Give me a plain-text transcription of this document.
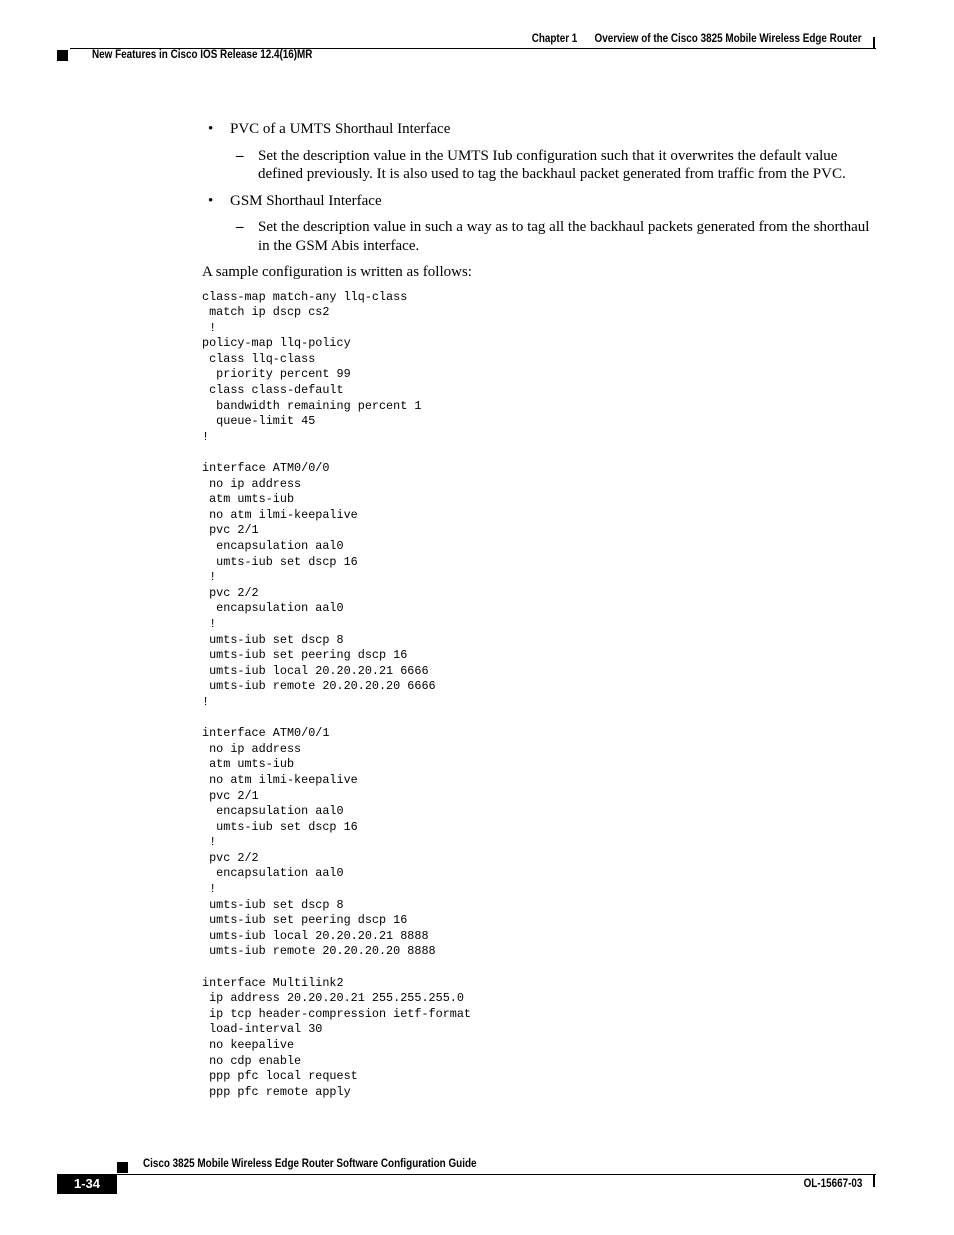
Chapter 1 Overview of the Cisco 3825 Mobile Wireless Edge Router
New Features in Cisco IOS Release 12.4(16)MR
• PVC of a UMTS Shorthaul Interface
– Set the description value in the UMTS Iub configuration such that it overwrites the default value defined previously. It is also used to tag the backhaul packet generated from traffic from the PVC.
• GSM Shorthaul Interface
– Set the description value in such a way as to tag all the backhaul packets generated from the shorthaul in the GSM Abis interface.

A sample configuration is written as follows:

class-map match-any llq-class
match ip dscp cs2
!
policy-map llq-policy
class llq-class
priority percent 99
class class-default
bandwidth remaining percent 1
queue-limit 45
!

interface ATM0/0/0
no ip address
atm umts-iub
no atm ilmi-keepalive
pvc 2/1
encapsulation aal0
umts-iub set dscp 16
!
pvc 2/2
encapsulation aal0
!
umts-iub set dscp 8
umts-iub set peering dscp 16
umts-iub local 20.20.20.21 6666
umts-iub remote 20.20.20.20 6666
!

interface ATM0/0/1
no ip address
atm umts-iub
no atm ilmi-keepalive
pvc 2/1
encapsulation aal0
umts-iub set dscp 16
!
pvc 2/2
encapsulation aal0
!
umts-iub set dscp 8
umts-iub set peering dscp 16
umts-iub local 20.20.20.21 8888
umts-iub remote 20.20.20.20 8888

interface Multilink2
ip address 20.20.20.21 255.255.255.0
ip tcp header-compression ietf-format
load-interval 30
no keepalive
no cdp enable
ppp pfc local request
ppp pfc remote apply
Cisco 3825 Mobile Wireless Edge Router Software Configuration Guide
1-34	OL-15667-03
